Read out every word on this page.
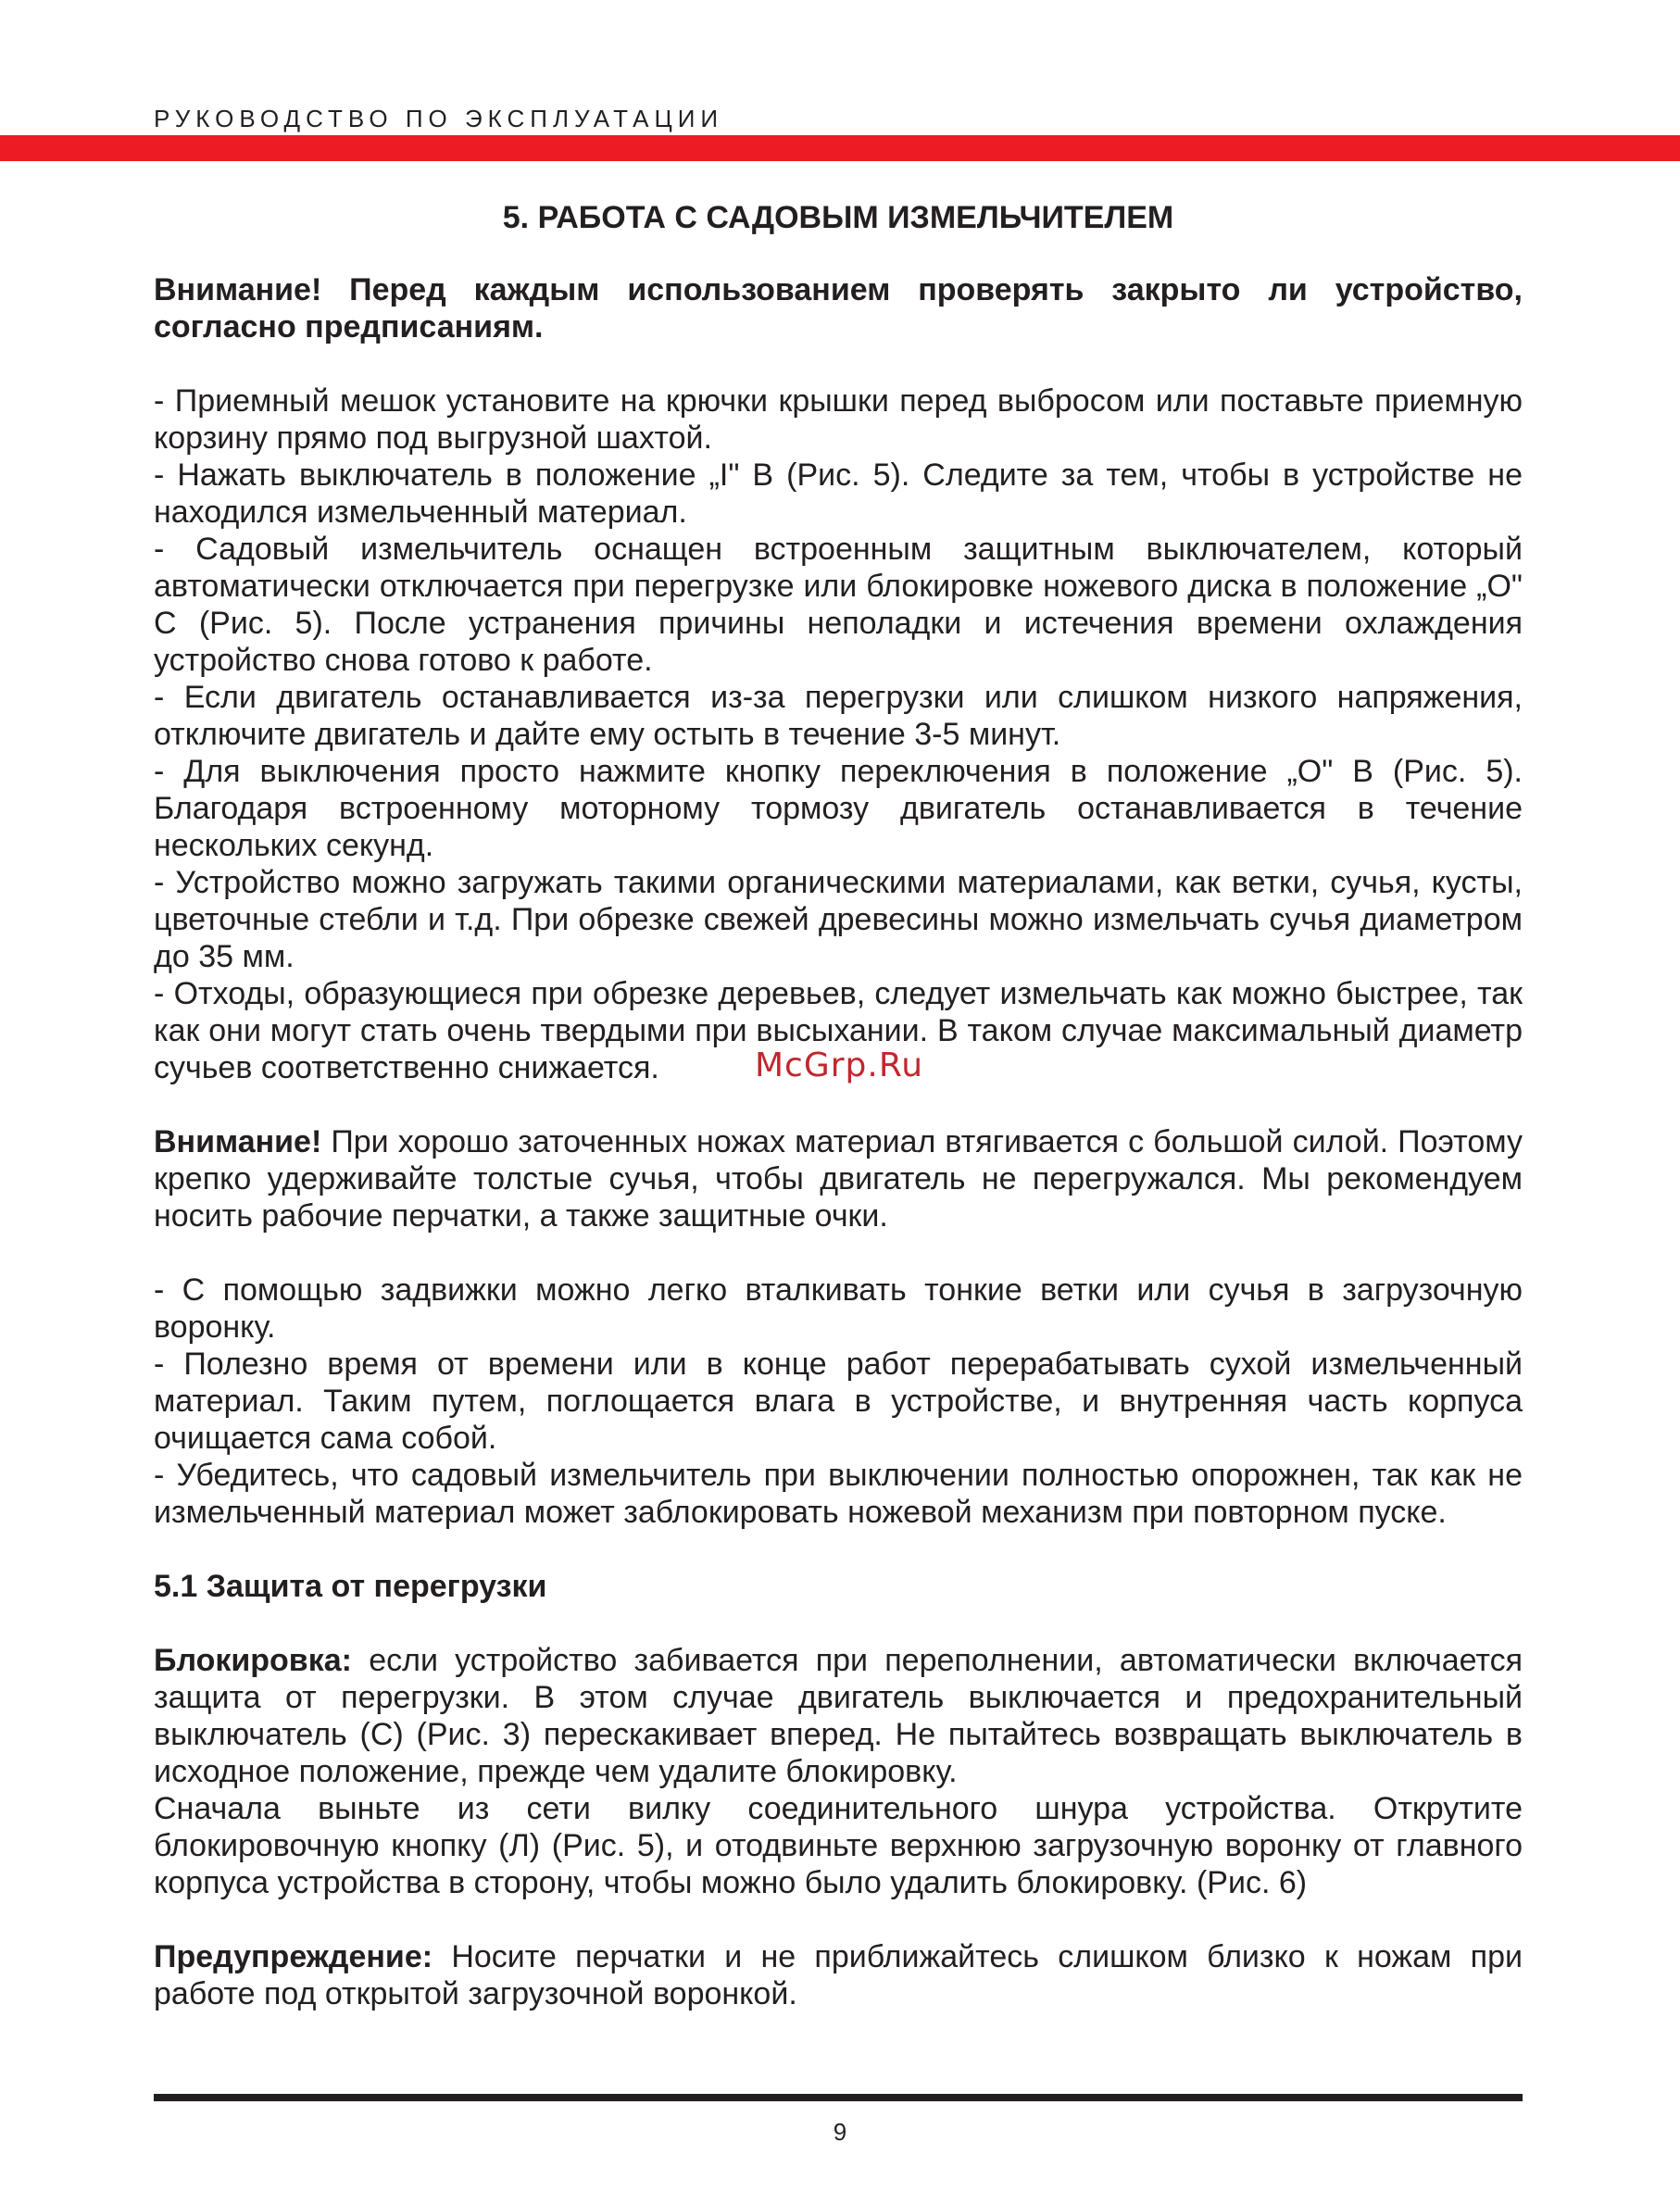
РУКОВОДСТВО ПО ЭКСПЛУАТАЦИИ

5. РАБОТА С САДОВЫМ ИЗМЕЛЬЧИТЕЛЕМ

Внимание! Перед каждым использованием проверять закрыто ли устройство, согласно предписаниям.

- Приемный мешок установите на крючки крышки перед выбросом или поставьте приемную корзину прямо под выгрузной шахтой.

- Нажать выключатель в положение „I" B (Рис. 5). Следите за тем, чтобы в устройстве не находился измельченный материал.

- Садовый измельчитель оснащен встроенным защитным выключателем, который автоматически отключается при перегрузке или блокировке ножевого диска в положение „O" C (Рис. 5). После устранения причины неполадки и истечения времени охлаждения устройство снова готово к работе.

- Если двигатель останавливается из-за перегрузки или слишком низкого напряжения, отключите двигатель и дайте ему остыть в течение 3-5 минут.

- Для выключения просто нажмите кнопку переключения в положение „O" B (Рис. 5). Благодаря встроенному моторному тормозу двигатель останавливается в течение нескольких секунд.

- Устройство можно загружать такими органическими материалами, как ветки, сучья, кусты, цветочные стебли и т.д. При обрезке свежей древесины можно измельчать сучья диаметром до 35 мм.

- Отходы, образующиеся при обрезке деревьев, следует измельчать как можно быстрее, так как они могут стать очень твердыми при высыхании. В таком случае максимальный диаметр сучьев соответственно снижается.

Внимание! При хорошо заточенных ножах материал втягивается с большой силой. Поэтому крепко удерживайте толстые сучья, чтобы двигатель не перегружался. Мы рекомендуем носить рабочие перчатки, а также защитные очки.

- С помощью задвижки можно легко вталкивать тонкие ветки или сучья в загрузочную воронку.

- Полезно время от времени или в конце работ перерабатывать сухой измельченный материал. Таким путем, поглощается влага в устройстве, и внутренняя часть корпуса очищается сама собой.

- Убедитесь, что садовый измельчитель при выключении полностью опорожнен, так как не измельченный материал может заблокировать ножевой механизм при повторном пуске.

5.1 Защита от перегрузки

Блокировка: если устройство забивается при переполнении, автоматически включается защита от перегрузки. В этом случае двигатель выключается и предохранительный выключатель (С) (Рис. 3) перескакивает вперед. Не пытайтесь возвращать выключатель в исходное положение, прежде чем удалите блокировку.

Сначала выньте из сети вилку соединительного шнура устройства. Открутите блокировочную кнопку (Л) (Рис. 5), и отодвиньте верхнюю загрузочную воронку от главного корпуса устройства в сторону, чтобы можно было удалить блокировку. (Рис. 6)

Предупреждение: Носите перчатки и не приближайтесь слишком близко к ножам при работе под открытой загрузочной воронкой.

McGrp.Ru
9
